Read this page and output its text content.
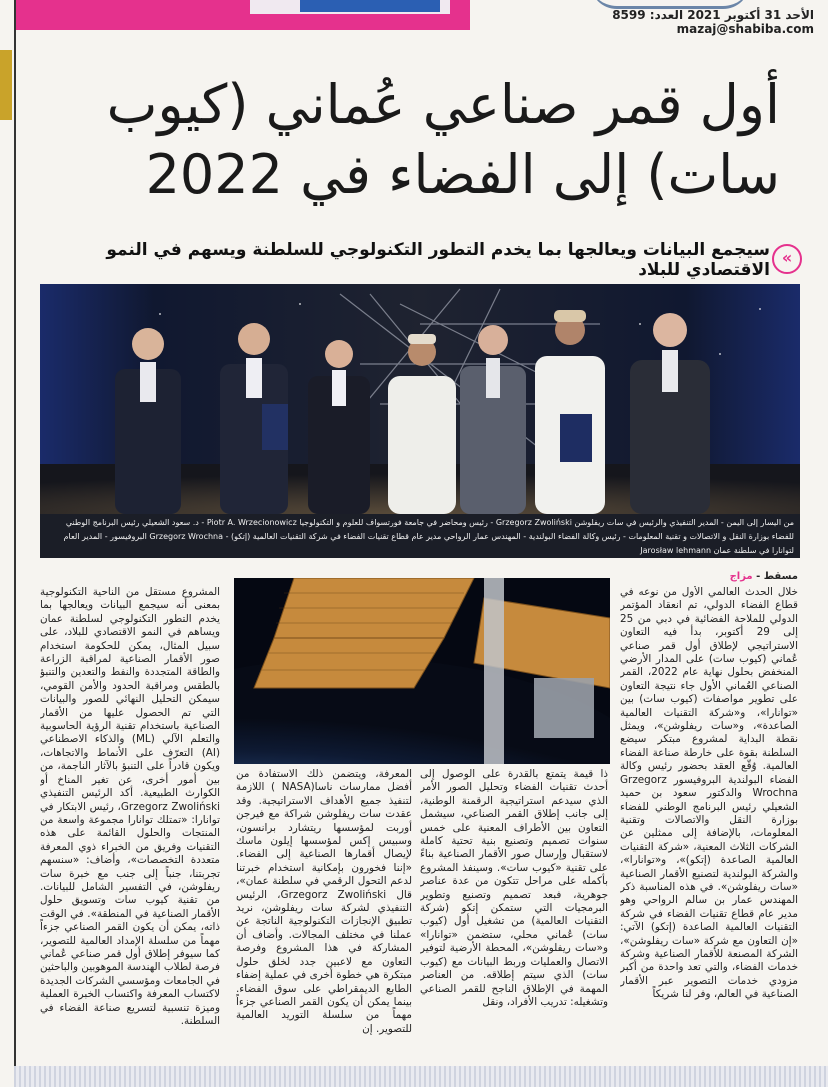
الأحد 31 أكتوبر 2021 العدد: 8599
mazaj@shabiba.com
أول قمر صناعي عُماني (كيوب
سات) إلى الفضاء في 2022
«
سيجمع البيانات ويعالجها بما يخدم التطور التكنولوجي للسلطنة ويسهم في النمو الاقتصادي للبلاد
من اليسار إلى اليمن - المدير التنفيذي والرئيس في سات ريفلوشن Grzegorz Zwoliński - رئيس ومحاضر في جامعة فورتسواف للعلوم و التكنولوجيا Piotr A. Wrzecionowicz - د. سعود الشعيلي رئيس البرنامج الوطني للفضاء بوزارة النقل و الاتصالات و تقنية المعلومات - رئيس وكالة الفضاء البولندية - المهندس عمار الرواحي مدير عام قطاع تقنيات الفضاء في شركة التقنيات العالمية (إتكو) - Grzegorz Wrochna البروفيسور - المدير العام لتوانارا في سلطنة عمان Jarosław lehmann
مسقط - مزاج
خلال الحدث العالمي الأول من نوعه في قطاع الفضاء الدولي، تم انعقاد المؤتمر الدولي للملاحة الفضائية في دبي من 25 إلى 29 أكتوبر، بدأ فيه التعاون الاستراتيجي لإطلاق أول قمر صناعي عُماني (كيوب سات) على المدار الأرضي المنخفض بحلول نهاية عام 2022، القمر الصناعي العُماني الأول جاء نتيجة التعاون على تطوير مواصفات (كيوب سات) بين «توانارا»، و«شركة التقنيات العالمية الصاعدة»، و«سات ريفلوشن»، ويمثل نقطة البداية لمشروع مبتكر سيضع السلطنة بقوة على خارطة صناعة الفضاء العالمية. وُقّع العقد بحضور رئيس وكالة الفضاء البولندية البروفيسور Grzegorz Wrochna والدكتور سعود بن حميد الشعيلي رئيس البرنامج الوطني للفضاء بوزارة النقل والاتصالات وتقنية المعلومات، بالإضافة إلى ممثلين عن الشركات الثلاث المعنية، «شركة التقنيات العالمية الصاعدة (إتكو)»، و«توانارا»، والشركة البولندية لتصنيع الأقمار الصناعية «سات ريفلوشن». في هذه المناسبة ذكر المهندس عمار بن سالم الرواحي وهو مدير عام قطاع تقنيات الفضاء في شركة التقنيات العالمية الصاعدة (إتكو) الآتي: «إن التعاون مع شركة «سات ريفلوشن»، الشركة المصنعة للأقمار الصناعية وشركة خدمات الفضاء، والتي تعد واحدة من أكبر مزودي خدمات التصوير عبر الأقمار الصناعية في العالم، وفر لنا شريكاً
ذا قيمة يتمتع بالقدرة على الوصول إلى أحدث تقنيات الفضاء وتحليل الصور الأمر الذي سيدعم استراتيجية الرقمنة الوطنية، إلى جانب إطلاق القمر الصناعي، سيشمل التعاون بين الأطراف المعنية على خمس سنوات تصميم وتصنيع بنية تحتية كاملة لاستقبال وإرسال صور الأقمار الصناعية بناءً على تقنية «كيوب سات». وسينفذ المشروع بأكمله على مراحل تتكون من عدة عناصر جوهرية، فبعد تصميم وتصنيع وتطوير البرمجيات التي ستمكن إتكو (شركة التقنيات العالمية) من تشغيل أول (كيوب سات) عُماني محلي، ستضمن «توانارا» و«سات ريفلوشن»، المحطة الأرضية لتوفير الاتصال والعمليات وربط البيانات مع (كيوب سات) الذي سيتم إطلاقه. من العناصر المهمة في الإطلاق الناجح للقمر الصناعي وتشغيله: تدريب الأفراد، ونقل
المعرفة، ويتضمن ذلك الاستفادة من أفضل ممارسات ناسا(NASA ) اللازمة لتنفيذ جميع الأهداف الاستراتيجية. وقد عقدت سات ريفلوشن شراكة مع فيرجن أوربت لمؤسسها ريتشارد برانسون، وسبيس إكس لمؤسسها إيلون ماسك لإيصال أقمارها الصناعية إلى الفضاء. «إننا فخورون بإمكانية استخدام خبرتنا لدعم التحول الرقمي في سلطنة عمان»، قال Grzegorz Zwoliński، الرئيس التنفيذي لشركة سات ريفلوشن، نريد تطبيق الإنجازات التكنولوجية الناتجة عن عملنا في مختلف المجالات. وأضاف أن المشاركة في هذا المشروع وفرصة التعاون مع لاعبين جدد لخلق حلول مبتكرة هي خطوة أخرى في عملية إضفاء الطابع الديمقراطي على سوق الفضاء. بينما يمكن أن يكون القمر الصناعي جزءاً مهماً من سلسلة التوريد العالمية للتصوير. إن
المشروع مستقل من الناحية التكنولوجية بمعنى أنه سيجمع البيانات ويعالجها بما يخدم التطور التكنولوجي لسلطنة عمان ويساهم في النمو الاقتصادي للبلاد، على سبيل المثال، يمكن للحكومة استخدام صور الأقمار الصناعية لمراقبة الزراعة والطاقة المتجددة والنفط والتعدين والتنبؤ بالطقس ومراقبة الحدود والأمن القومي، سيمكن التحليل النهائي للصور والبيانات التي تم الحصول عليها من الأقمار الصناعية باستخدام تقنية الرؤية الحاسوبية والتعلم الآلي (ML) والذكاء الاصطناعي (AI) التعرّف على الأنماط والاتجاهات، ويكون قادراً على التنبؤ بالآثار الناجمة، من بين أمور أخرى، عن تغير المناخ أو الكوارث الطبيعية. أكد الرئيس التنفيذي Grzegorz Zwoliński، رئيس الابتكار في توانارا: «تمتلك توانارا مجموعة واسعة من المنتجات والحلول القائمة على هذه التقنيات وفريق من الخبراء ذوي المعرفة متعددة التخصصات»، وأضاف: «سنسهم تجربتنا، جنباً إلى جنب مع خبرة سات ريفلوشن، في التفسير الشامل للبيانات. من تقنية كيوب سات وتسويق حلول الأقمار الصناعية في المنطقة». في الوقت ذاته، يمكن أن يكون القمر الصناعي جزءاً مهماً من سلسلة الإمداد العالمية للتصوير، كما سيوفر إطلاق أول قمر صناعي عُماني فرصة لطلاب الهندسة الموهوبين والباحثين في الجامعات ومؤسسي الشركات الجديدة لاكتساب المعرفة واكتساب الخبرة العملية وميزة تنسبية لتسريع صناعة الفضاء في السلطنة.
